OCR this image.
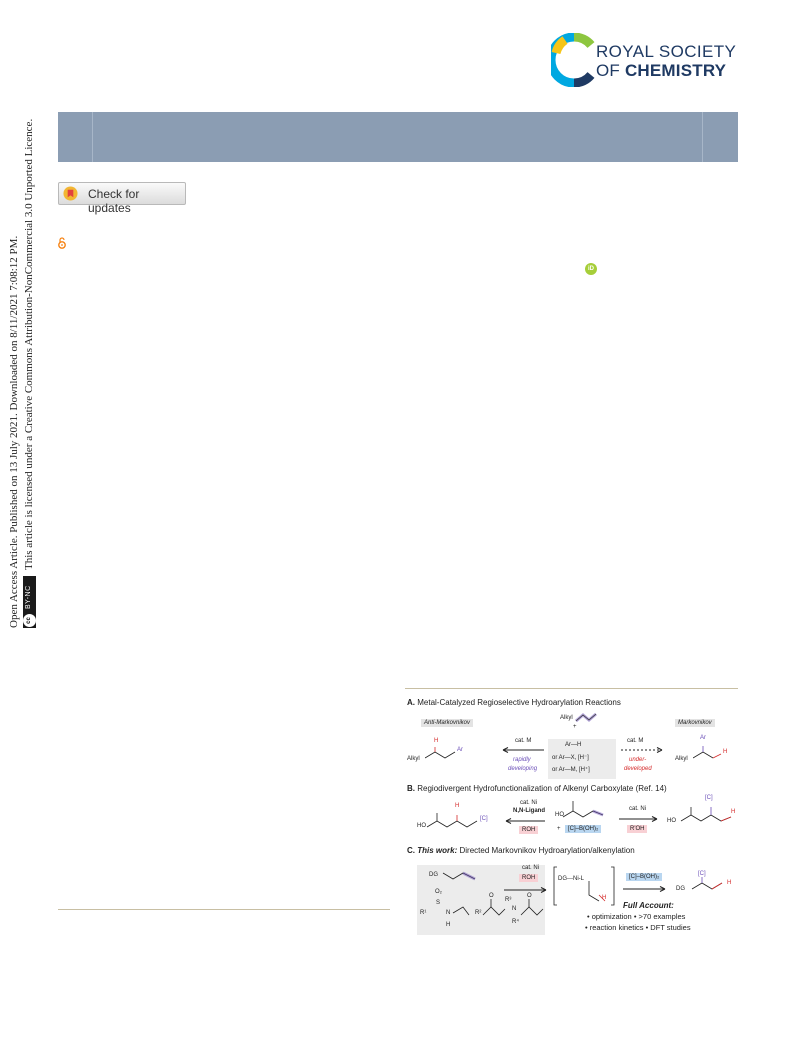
ROYAL SOCIETY
OF CHEMISTRY
Check for updates
iD
Open Access Article. Published on 13 July 2021. Downloaded on 8/11/2021 7:08:12 PM.	cc
BY-NC
This article is licensed under a Creative Commons Attribution-NonCommercial 3.0 Unported Licence.
A. Metal-Catalyzed Regioselective Hydroarylation Reactions
Anti-Markovnikov	Markovnikov
Alkyl
+
Ar—H
or Ar—X, [H⁻]
or Ar—M, [H⁺]
cat. M
rapidly
developing
cat. M
under-
developed
Alkyl
H
Ar
Alkyl
Ar
H
B. Regiodivergent Hydrofunctionalization of Alkenyl Carboxylate (Ref. 14)
HO
H
[C]
cat. Ni
N,N-Ligand
ROH
HO
+	[C]–B(OH)₂
cat. Ni
R'OH
HO
[C]
H
C. This work: Directed Markovnikov Hydroarylation/alkenylation
DG
cat. Ni
ROH	DG---Ni-L
H
[C]–B(OH)₂
DG
[C]
H
Full Account:
• optimization • >70 examples
• reaction kinetics • DFT studies
R¹
O₂
S
N
H
R²
R³
N
R⁴
O	O
